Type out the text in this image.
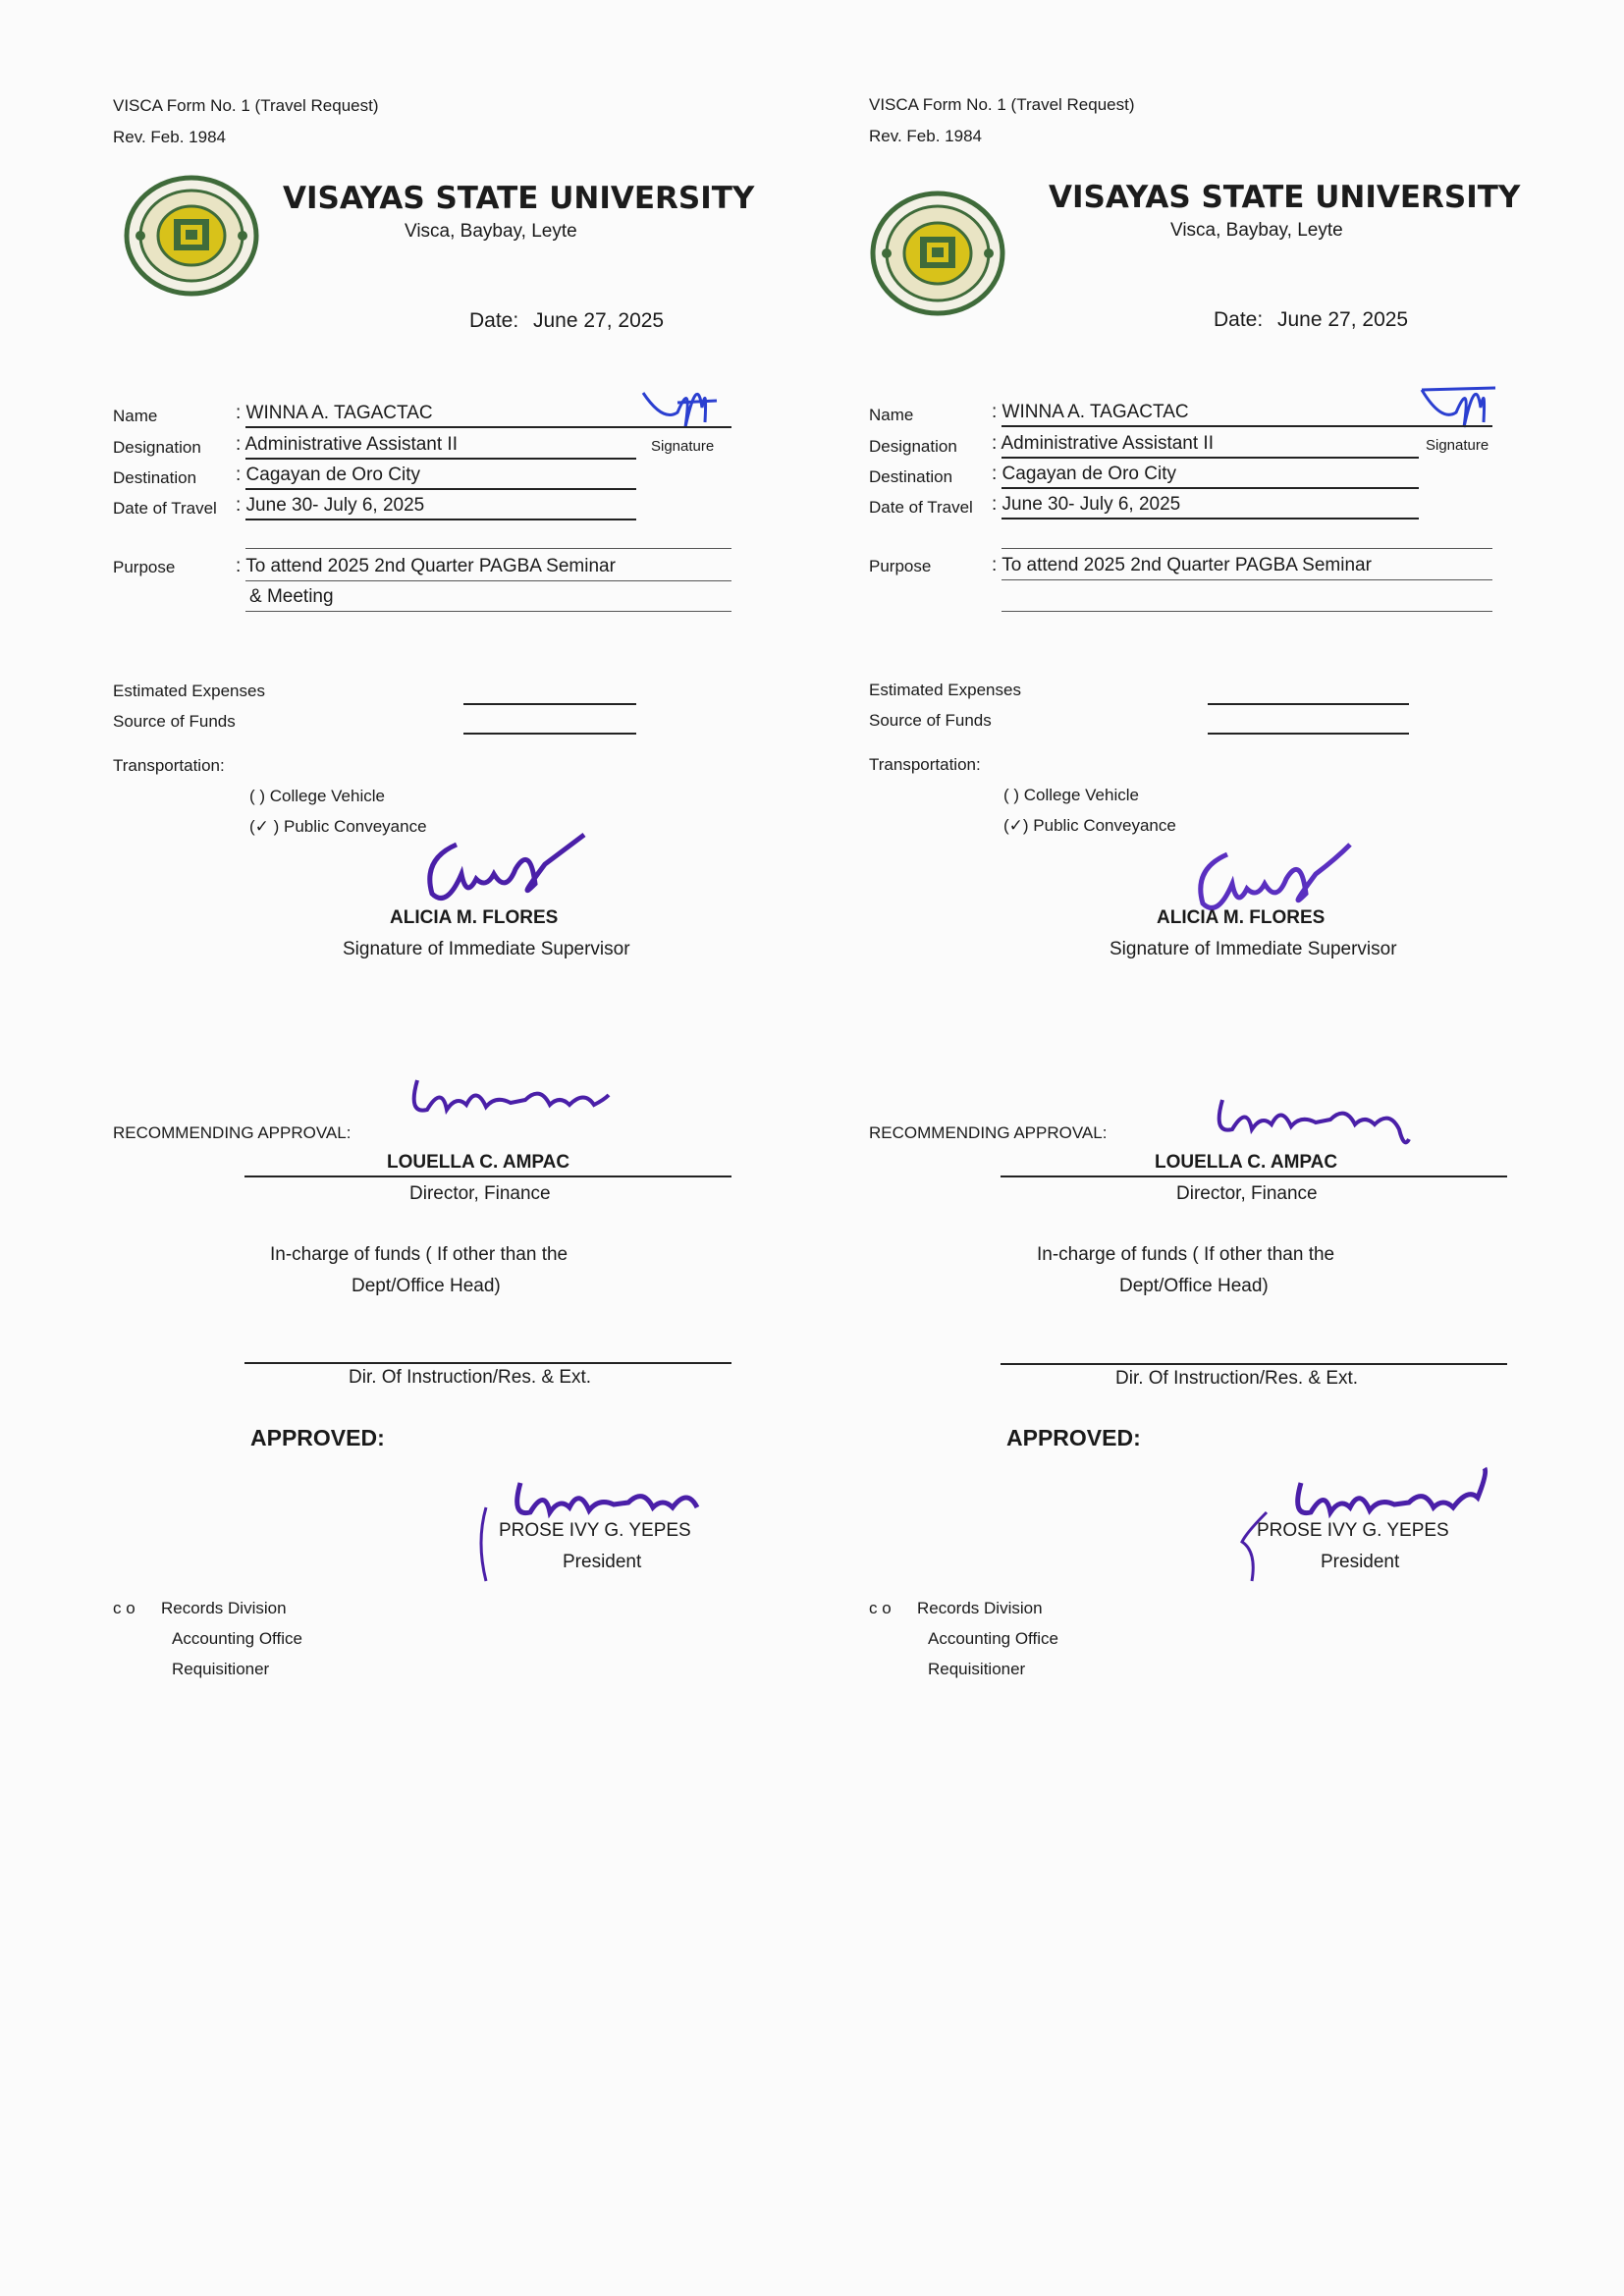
VISCA Form No. 1 (Travel Request)
Rev. Feb. 1984
VISAYAS STATE UNIVERSITY
Visca, Baybay, Leyte
Date: June 27, 2025
Name	: WINNA A. TAGACTAC
Signature
Designation : Administrative Assistant II
Destination : Cagayan de Oro City
Date of Travel : June 30- July 6, 2025
Purpose	: To attend 2025 2nd Quarter PAGBA Seminar
& Meeting
Estimated Expenses
Source of Funds
Transportation:
( ) College Vehicle
(✓ ) Public Conveyance
ALICIA M. FLORES
Signature of Immediate Supervisor
RECOMMENDING APPROVAL:
LOUELLA C. AMPAC
Director, Finance
In-charge of funds ( If other than the
Dept/Office Head)
Dir. Of Instruction/Res. & Ext.
APPROVED:
PROSE IVY G. YEPES
President
c o Records Division
Accounting Office
Requisitioner
VISCA Form No. 1 (Travel Request)
Rev. Feb. 1984
VISAYAS STATE UNIVERSITY
Visca, Baybay, Leyte
Date: June 27, 2025
Name	: WINNA A. TAGACTAC
Signature
Designation : Administrative Assistant II
Destination : Cagayan de Oro City
Date of Travel : June 30- July 6, 2025
Purpose	: To attend 2025 2nd Quarter PAGBA Seminar
Estimated Expenses
Source of Funds
Transportation:
( ) College Vehicle
(✓) Public Conveyance
ALICIA M. FLORES
Signature of Immediate Supervisor
RECOMMENDING APPROVAL:
LOUELLA C. AMPAC
Director, Finance
In-charge of funds ( If other than the
Dept/Office Head)
Dir. Of Instruction/Res. & Ext.
APPROVED:
PROSE IVY G. YEPES
President
c o Records Division
Accounting Office
Requisitioner
